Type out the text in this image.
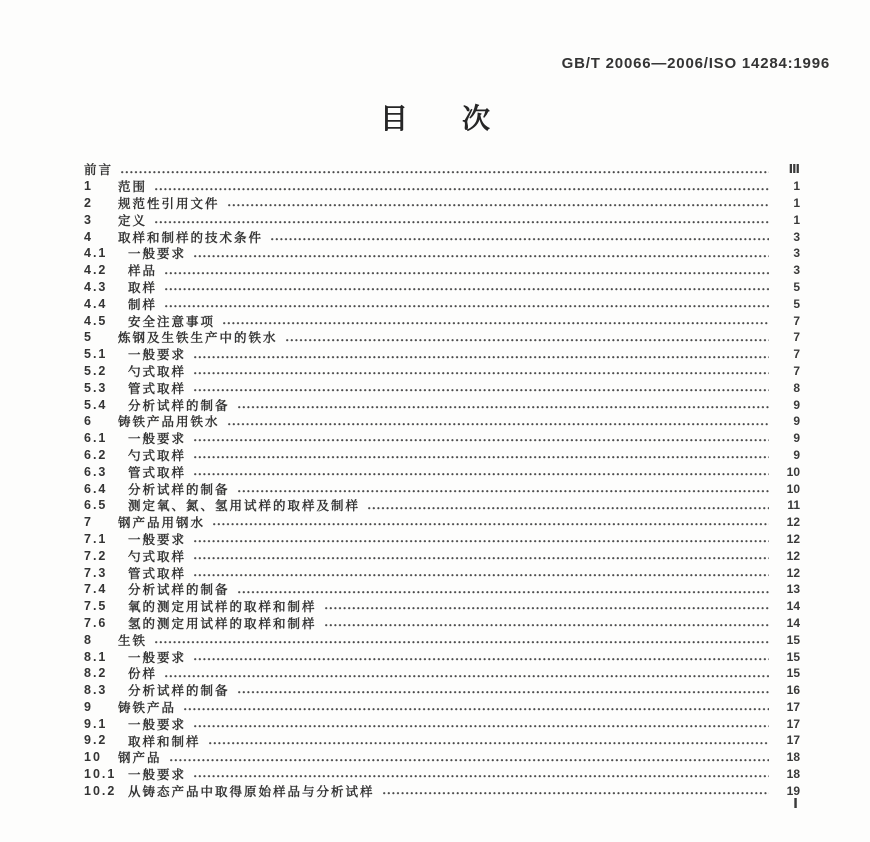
GB/T 20066—2006/ISO 14284:1996
目 次
前言	Ⅲ
1	范围	1
2	规范性引用文件	1
3	定义	1
4	取样和制样的技术条件	3
4.1	一般要求	3
4.2	样品	3
4.3	取样	5
4.4	制样	5
4.5	安全注意事项	7
5	炼钢及生铁生产中的铁水	7
5.1	一般要求	7
5.2	勺式取样	7
5.3	管式取样	8
5.4	分析试样的制备	9
6	铸铁产品用铁水	9
6.1	一般要求	9
6.2	勺式取样	9
6.3	管式取样	10
6.4	分析试样的制备	10
6.5	测定氧、氮、氢用试样的取样及制样	11
7	钢产品用钢水	12
7.1	一般要求	12
7.2	勺式取样	12
7.3	管式取样	12
7.4	分析试样的制备	13
7.5	氧的测定用试样的取样和制样	14
7.6	氢的测定用试样的取样和制样	14
8	生铁	15
8.1	一般要求	15
8.2	份样	15
8.3	分析试样的制备	16
9	铸铁产品	17
9.1	一般要求	17
9.2	取样和制样	17
10	钢产品	18
10.1 一般要求	18
10.2 从铸态产品中取得原始样品与分析试样	19
Ⅰ
